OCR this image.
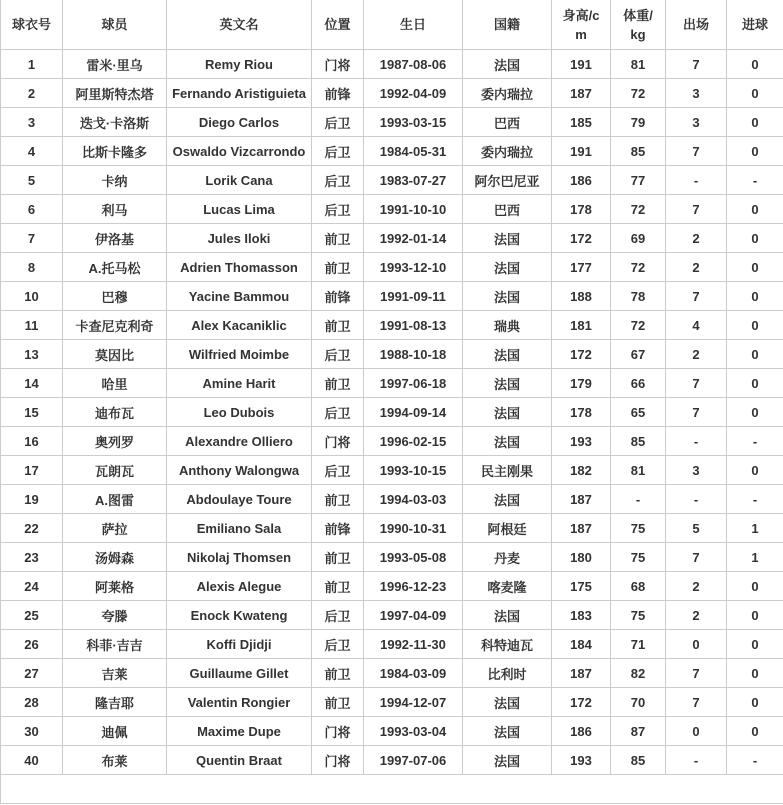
球衣号	球员	英文名	位置	生日	国籍	身高/cm	体重/kg	出场	进球
1	雷米·里乌	Remy Riou	门将	1987-08-06	法国	191	81	7	0
2	阿里斯特杰塔	Fernando Aristiguieta	前锋	1992-04-09	委内瑞拉	187	72	3	0
3	迭戈·卡洛斯	Diego Carlos	后卫	1993-03-15	巴西	185	79	3	0
4	比斯卡隆多	Oswaldo Vizcarrondo	后卫	1984-05-31	委内瑞拉	191	85	7	0
5	卡纳	Lorik Cana	后卫	1983-07-27	阿尔巴尼亚	186	77	-	-
6	利马	Lucas Lima	后卫	1991-10-10	巴西	178	72	7	0
7	伊洛基	Jules Iloki	前卫	1992-01-14	法国	172	69	2	0
8	A.托马松	Adrien Thomasson	前卫	1993-12-10	法国	177	72	2	0
10	巴穆	Yacine Bammou	前锋	1991-09-11	法国	188	78	7	0
11	卡查尼克利奇	Alex Kacaniklic	前卫	1991-08-13	瑞典	181	72	4	0
13	莫因比	Wilfried Moimbe	后卫	1988-10-18	法国	172	67	2	0
14	哈里	Amine Harit	前卫	1997-06-18	法国	179	66	7	0
15	迪布瓦	Leo Dubois	后卫	1994-09-14	法国	178	65	7	0
16	奥列罗	Alexandre Olliero	门将	1996-02-15	法国	193	85	-	-
17	瓦朗瓦	Anthony Walongwa	后卫	1993-10-15	民主刚果	182	81	3	0
19	A.图雷	Abdoulaye Toure	前卫	1994-03-03	法国	187	-	-	-
22	萨拉	Emiliano Sala	前锋	1990-10-31	阿根廷	187	75	5	1
23	汤姆森	Nikolaj Thomsen	前卫	1993-05-08	丹麦	180	75	7	1
24	阿莱格	Alexis Alegue	前卫	1996-12-23	喀麦隆	175	68	2	0
25	夸滕	Enock Kwateng	后卫	1997-04-09	法国	183	75	2	0
26	科菲·吉吉	Koffi Djidji	后卫	1992-11-30	科特迪瓦	184	71	0	0
27	吉莱	Guillaume Gillet	前卫	1984-03-09	比利时	187	82	7	0
28	隆吉耶	Valentin Rongier	前卫	1994-12-07	法国	172	70	7	0
30	迪佩	Maxime Dupe	门将	1993-03-04	法国	186	87	0	0
40	布莱	Quentin Braat	门将	1997-07-06	法国	193	85	-	-
